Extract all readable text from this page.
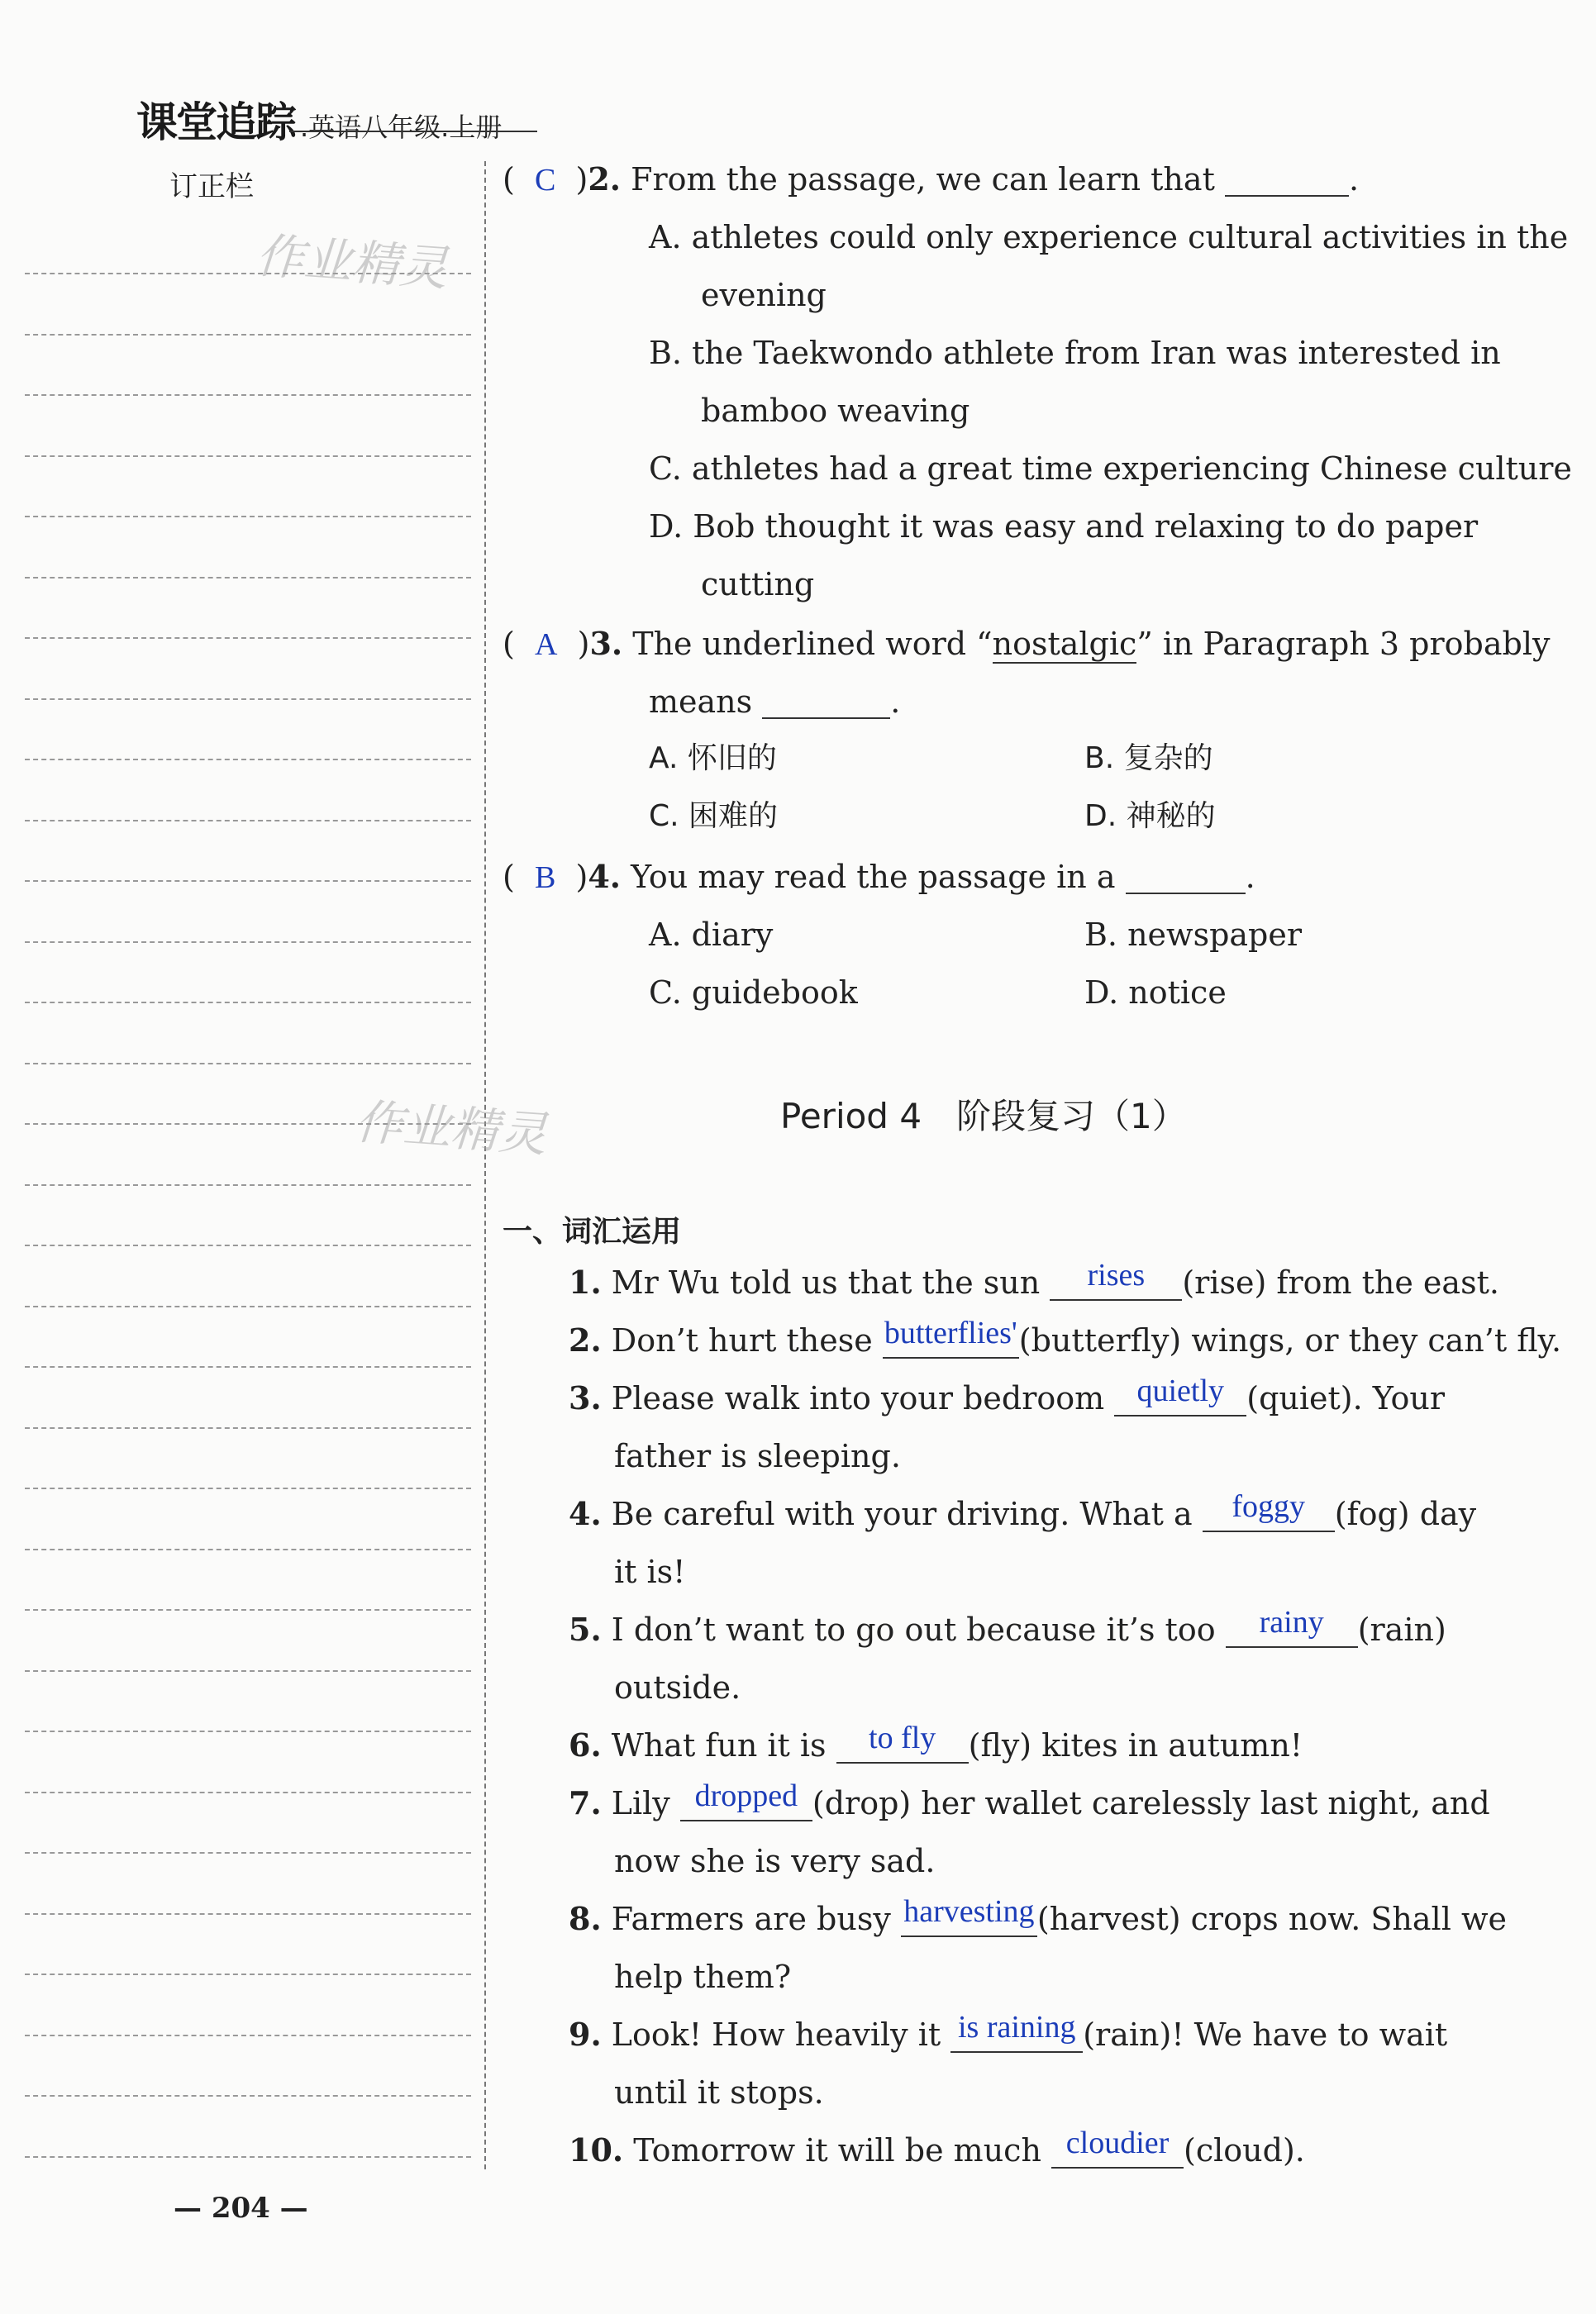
课堂追踪 .英语八年级.上册
订正栏
作业精灵
作业精灵
( C )2. From the passage, we can learn that	.
A. athletes could only experience cultural activities in the
evening
B. the Taekwondo athlete from Iran was interested in
bamboo weaving
C. athletes had a great time experiencing Chinese culture
D. Bob thought it was easy and relaxing to do paper
cutting
( A )3. The underlined word “nostalgic” in Paragraph 3 probably
means	.
A. 怀旧的	B. 复杂的
C. 困难的	D. 神秘的
( B )4. You may read the passage in a	.
A. diary	B. newspaper
C. guidebook	D. notice
Period 4　阶段复习（1）
一、词汇运用
1. Mr Wu told us that the sun rises (rise) from the east.
2. Don’t hurt these butterflies'(butterfly) wings, or they can’t fly.
3. Please walk into your bedroom quietly (quiet). Your
father is sleeping.
4. Be careful with your driving. What a foggy (fog) day
it is!
5. I don’t want to go out because it’s too rainy (rain)
outside.
6. What fun it is to fly (fly) kites in autumn!
7. Lily dropped (drop) her wallet carelessly last night, and
now she is very sad.
8. Farmers are busy harvesting(harvest) crops now. Shall we
help them?
9. Look! How heavily it is raining (rain)! We have to wait
until it stops.
10. Tomorrow it will be much cloudier (cloud).
— 204 —
